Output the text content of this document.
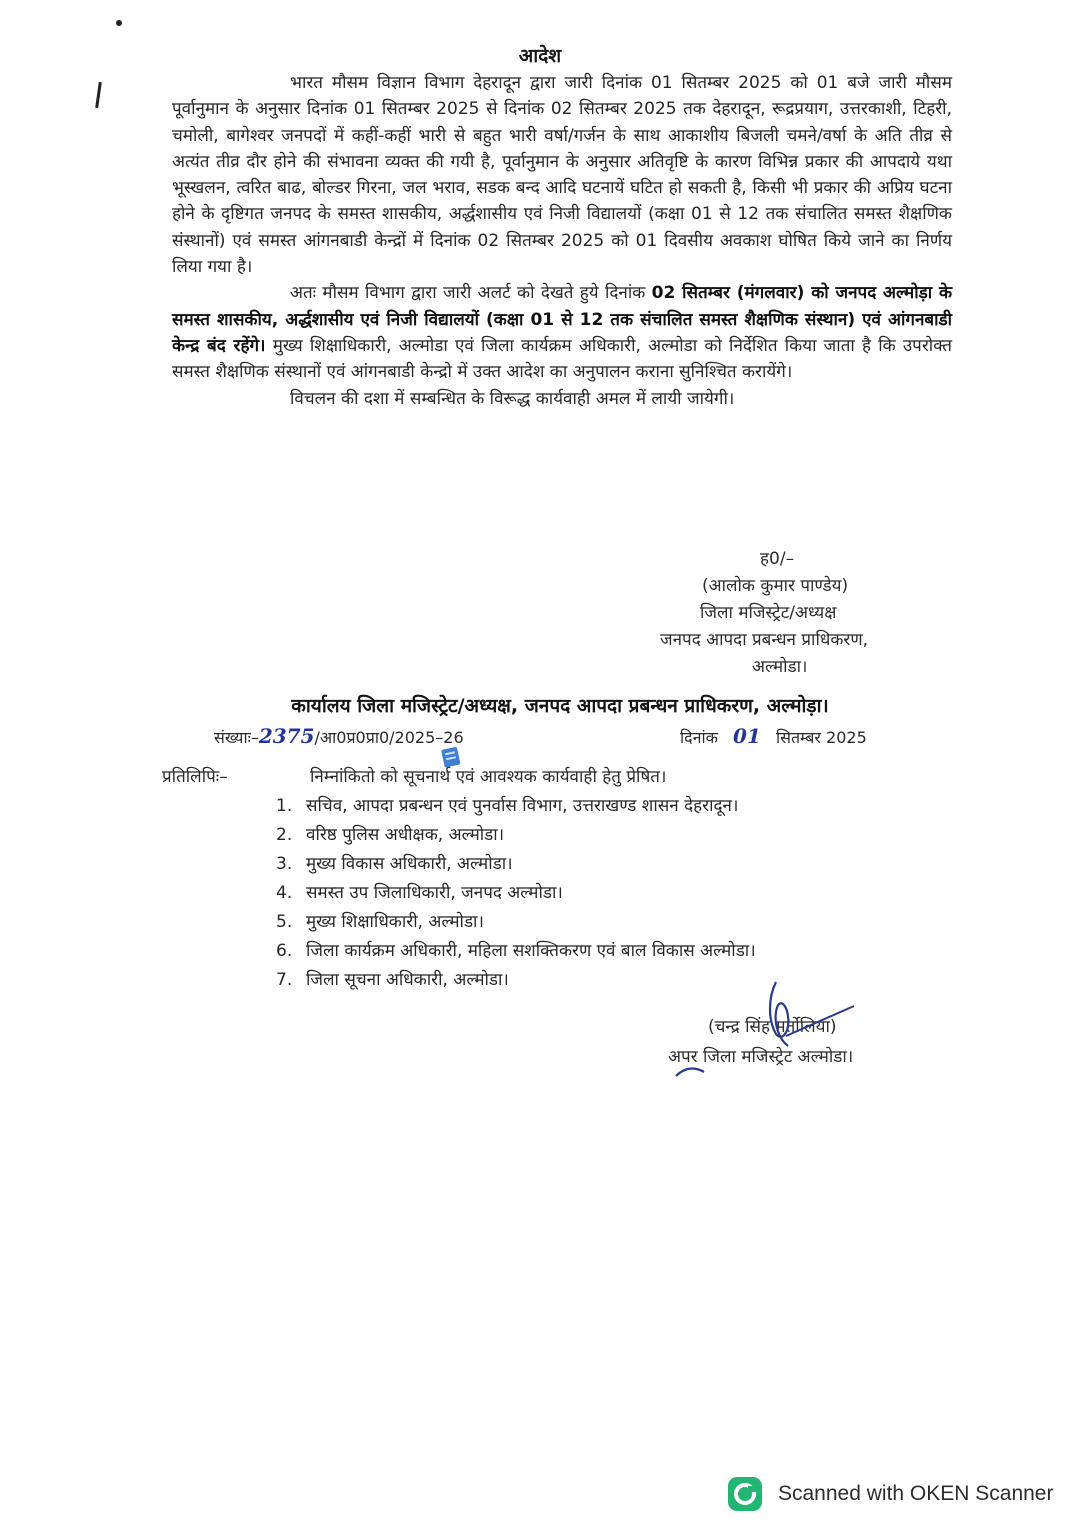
आदेश

भारत मौसम विज्ञान विभाग देहरादून द्वारा जारी दिनांक 01 सितम्बर 2025 को 01 बजे जारी मौसम पूर्वानुमान के अनुसार दिनांक 01 सितम्बर 2025 से दिनांक 02 सितम्बर 2025 तक देहरादून, रूद्रप्रयाग, उत्तरकाशी, टिहरी, चमोली, बागेश्वर जनपदों में कहीं-कहीं भारी से बहुत भारी वर्षा/गर्जन के साथ आकाशीय बिजली चमने/वर्षा के अति तीव्र से अत्यंत तीव्र दौर होने की संभावना व्यक्त की गयी है, पूर्वानुमान के अनुसार अतिवृष्टि के कारण विभिन्न प्रकार की आपदाये यथा भूस्खलन, त्वरित बाढ, बोल्डर गिरना, जल भराव, सडक बन्द आदि घटनायें घटित हो सकती है, किसी भी प्रकार की अप्रिय घटना होने के दृष्टिगत जनपद के समस्त शासकीय, अर्द्धशासीय एवं निजी विद्यालयों (कक्षा 01 से 12 तक संचालित समस्त शैक्षणिक संस्थानों) एवं समस्त आंगनबाडी केन्द्रों में दिनांक 02 सितम्बर 2025 को 01 दिवसीय अवकाश घोषित किये जाने का निर्णय लिया गया है।

अतः मौसम विभाग द्वारा जारी अलर्ट को देखते हुये दिनांक 02 सितम्बर (मंगलवार) को जनपद अल्मोड़ा के समस्त शासकीय, अर्द्धशासीय एवं निजी विद्यालयों (कक्षा 01 से 12 तक संचालित समस्त शैक्षणिक संस्थान) एवं आंगनबाडी केन्द्र बंद रहेंगे। मुख्य शिक्षाधिकारी, अल्मोडा एवं जिला कार्यक्रम अधिकारी, अल्मोडा को निर्देशित किया जाता है कि उपरोक्त समस्त शैक्षणिक संस्थानों एवं आंगनबाडी केन्द्रो में उक्त आदेश का अनुपालन कराना सुनिश्चित करायेंगे।

विचलन की दशा में सम्बन्धित के विरूद्ध कार्यवाही अमल में लायी जायेगी।

ह0/–
(आलोक कुमार पाण्डेय)
जिला मजिस्ट्रेट/अध्यक्ष
जनपद आपदा प्रबन्धन प्राधिकरण,
अल्मोडा।
कार्यालय जिला मजिस्ट्रेट/अध्यक्ष, जनपद आपदा प्रबन्धन प्राधिकरण, अल्मोड़ा।
संख्याः–2375/आ0प्र0प्रा0/2025–26	दिनांक 01 सितम्बर 2025
प्रतिलिपिः–	निम्नांकितो को सूचनार्थ एवं आवश्यक कार्यवाही हेतु प्रेषित।
1. सचिव, आपदा प्रबन्धन एवं पुनर्वास विभाग, उत्तराखण्ड शासन देहरादून।
2. वरिष्ठ पुलिस अधीक्षक, अल्मोडा।
3. मुख्य विकास अधिकारी, अल्मोडा।
4. समस्त उप जिलाधिकारी, जनपद अल्मोडा।
5. मुख्य शिक्षाधिकारी, अल्मोडा।
6. जिला कार्यक्रम अधिकारी, महिला सशक्तिकरण एवं बाल विकास अल्मोडा।
7. जिला सूचना अधिकारी, अल्मोडा।
(चन्द्र सिंह मर्तोलिया)
अपर जिला मजिस्ट्रेट अल्मोडा।
Scanned with OKEN Scanner
